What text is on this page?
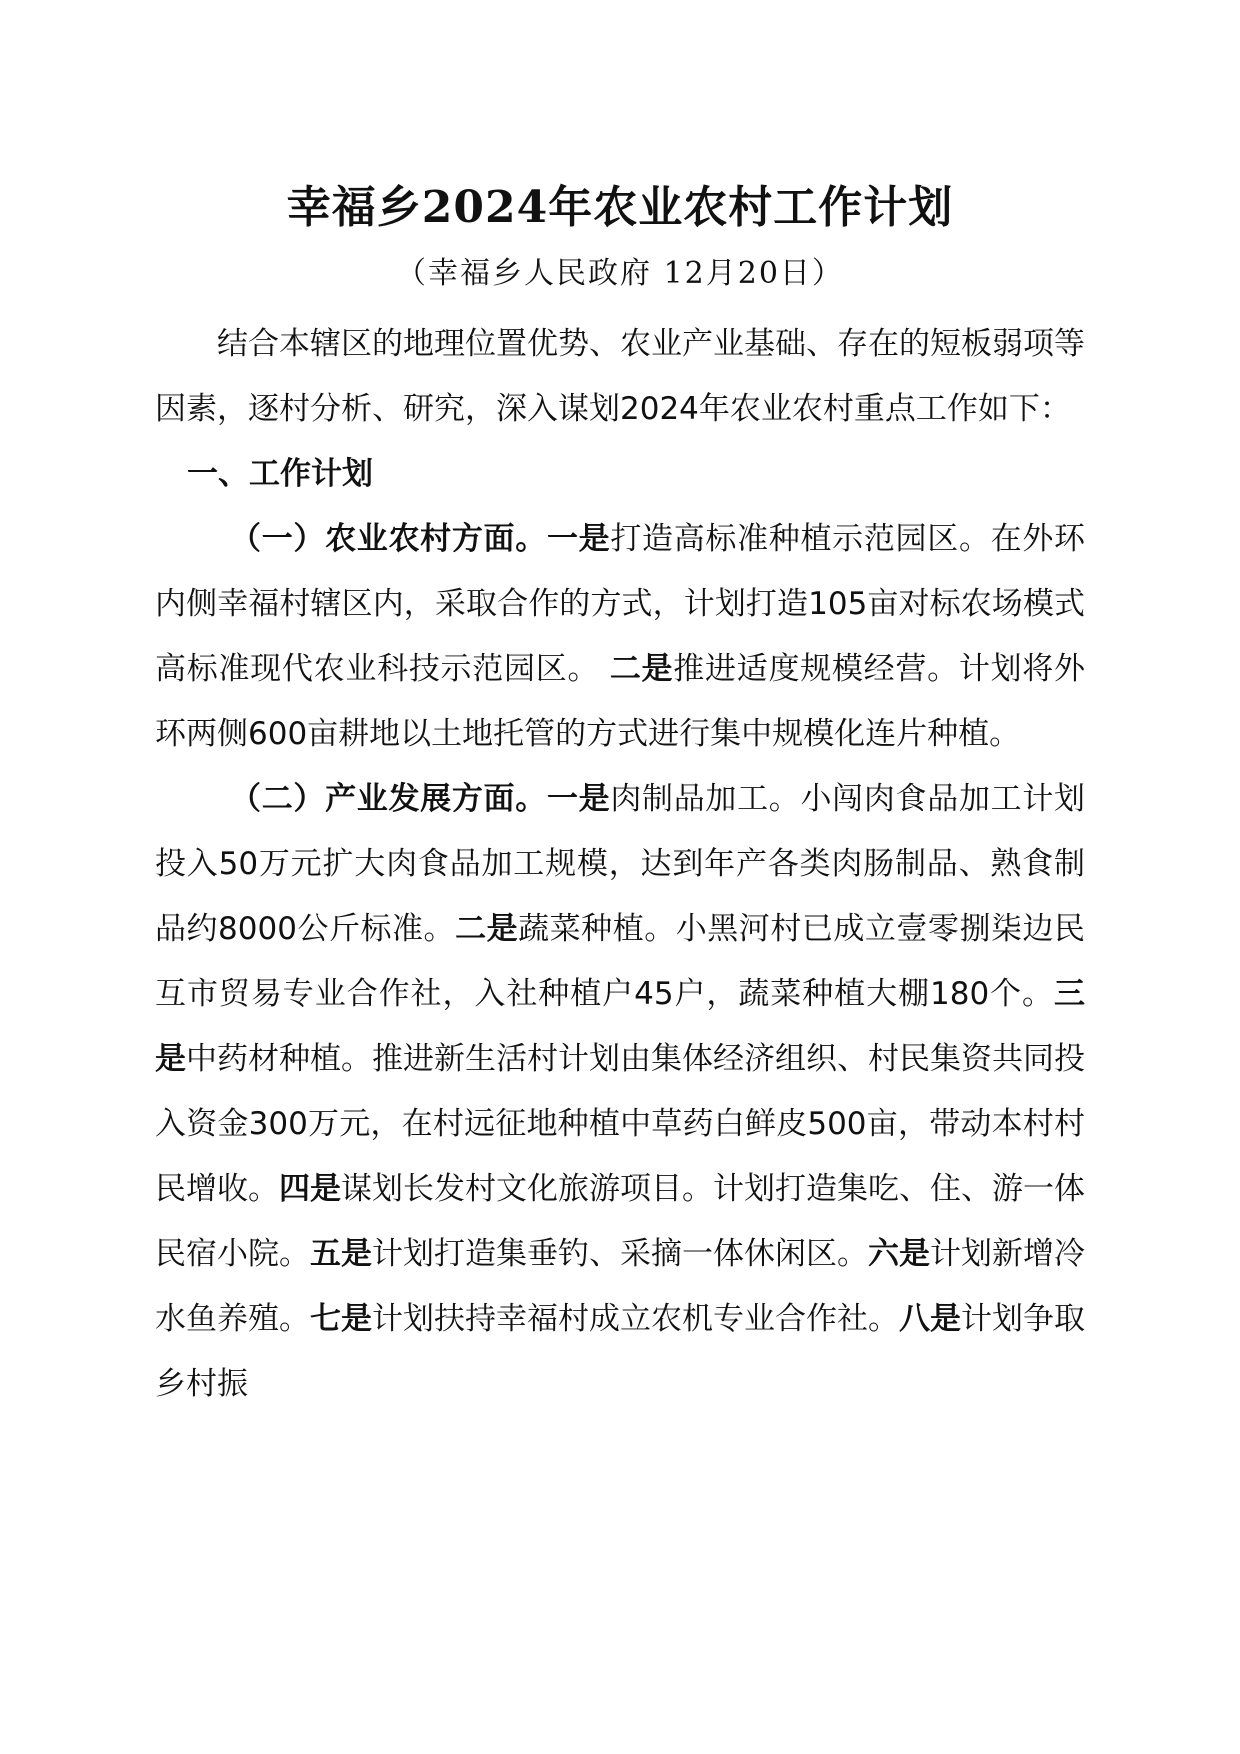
幸福乡2024年农业农村工作计划
（幸福乡人民政府 12月20日）

结合本辖区的地理位置优势、农业产业基础、存在的短板弱项等因素，逐村分析、研究，深入谋划2024年农业农村重点工作如下：

一、工作计划

（一）农业农村方面。一是打造高标准种植示范园区。在外环内侧幸福村辖区内，采取合作的方式，计划打造105亩对标农场模式高标准现代农业科技示范园区。 二是推进适度规模经营。计划将外环两侧600亩耕地以土地托管的方式进行集中规模化连片种植。

（二）产业发展方面。一是肉制品加工。小闯肉食品加工计划投入50万元扩大肉食品加工规模，达到年产各类肉肠制品、熟食制品约8000公斤标准。二是蔬菜种植。小黑河村已成立壹零捌柒边民互市贸易专业合作社，入社种植户45户，蔬菜种植大棚180个。三是中药材种植。推进新生活村计划由集体经济组织、村民集资共同投入资金300万元，在村远征地种植中草药白鲜皮500亩，带动本村村民增收。四是谋划长发村文化旅游项目。计划打造集吃、住、游一体民宿小院。五是计划打造集垂钓、采摘一体休闲区。六是计划新增冷水鱼养殖。七是计划扶持幸福村成立农机专业合作社。八是计划争取乡村振
